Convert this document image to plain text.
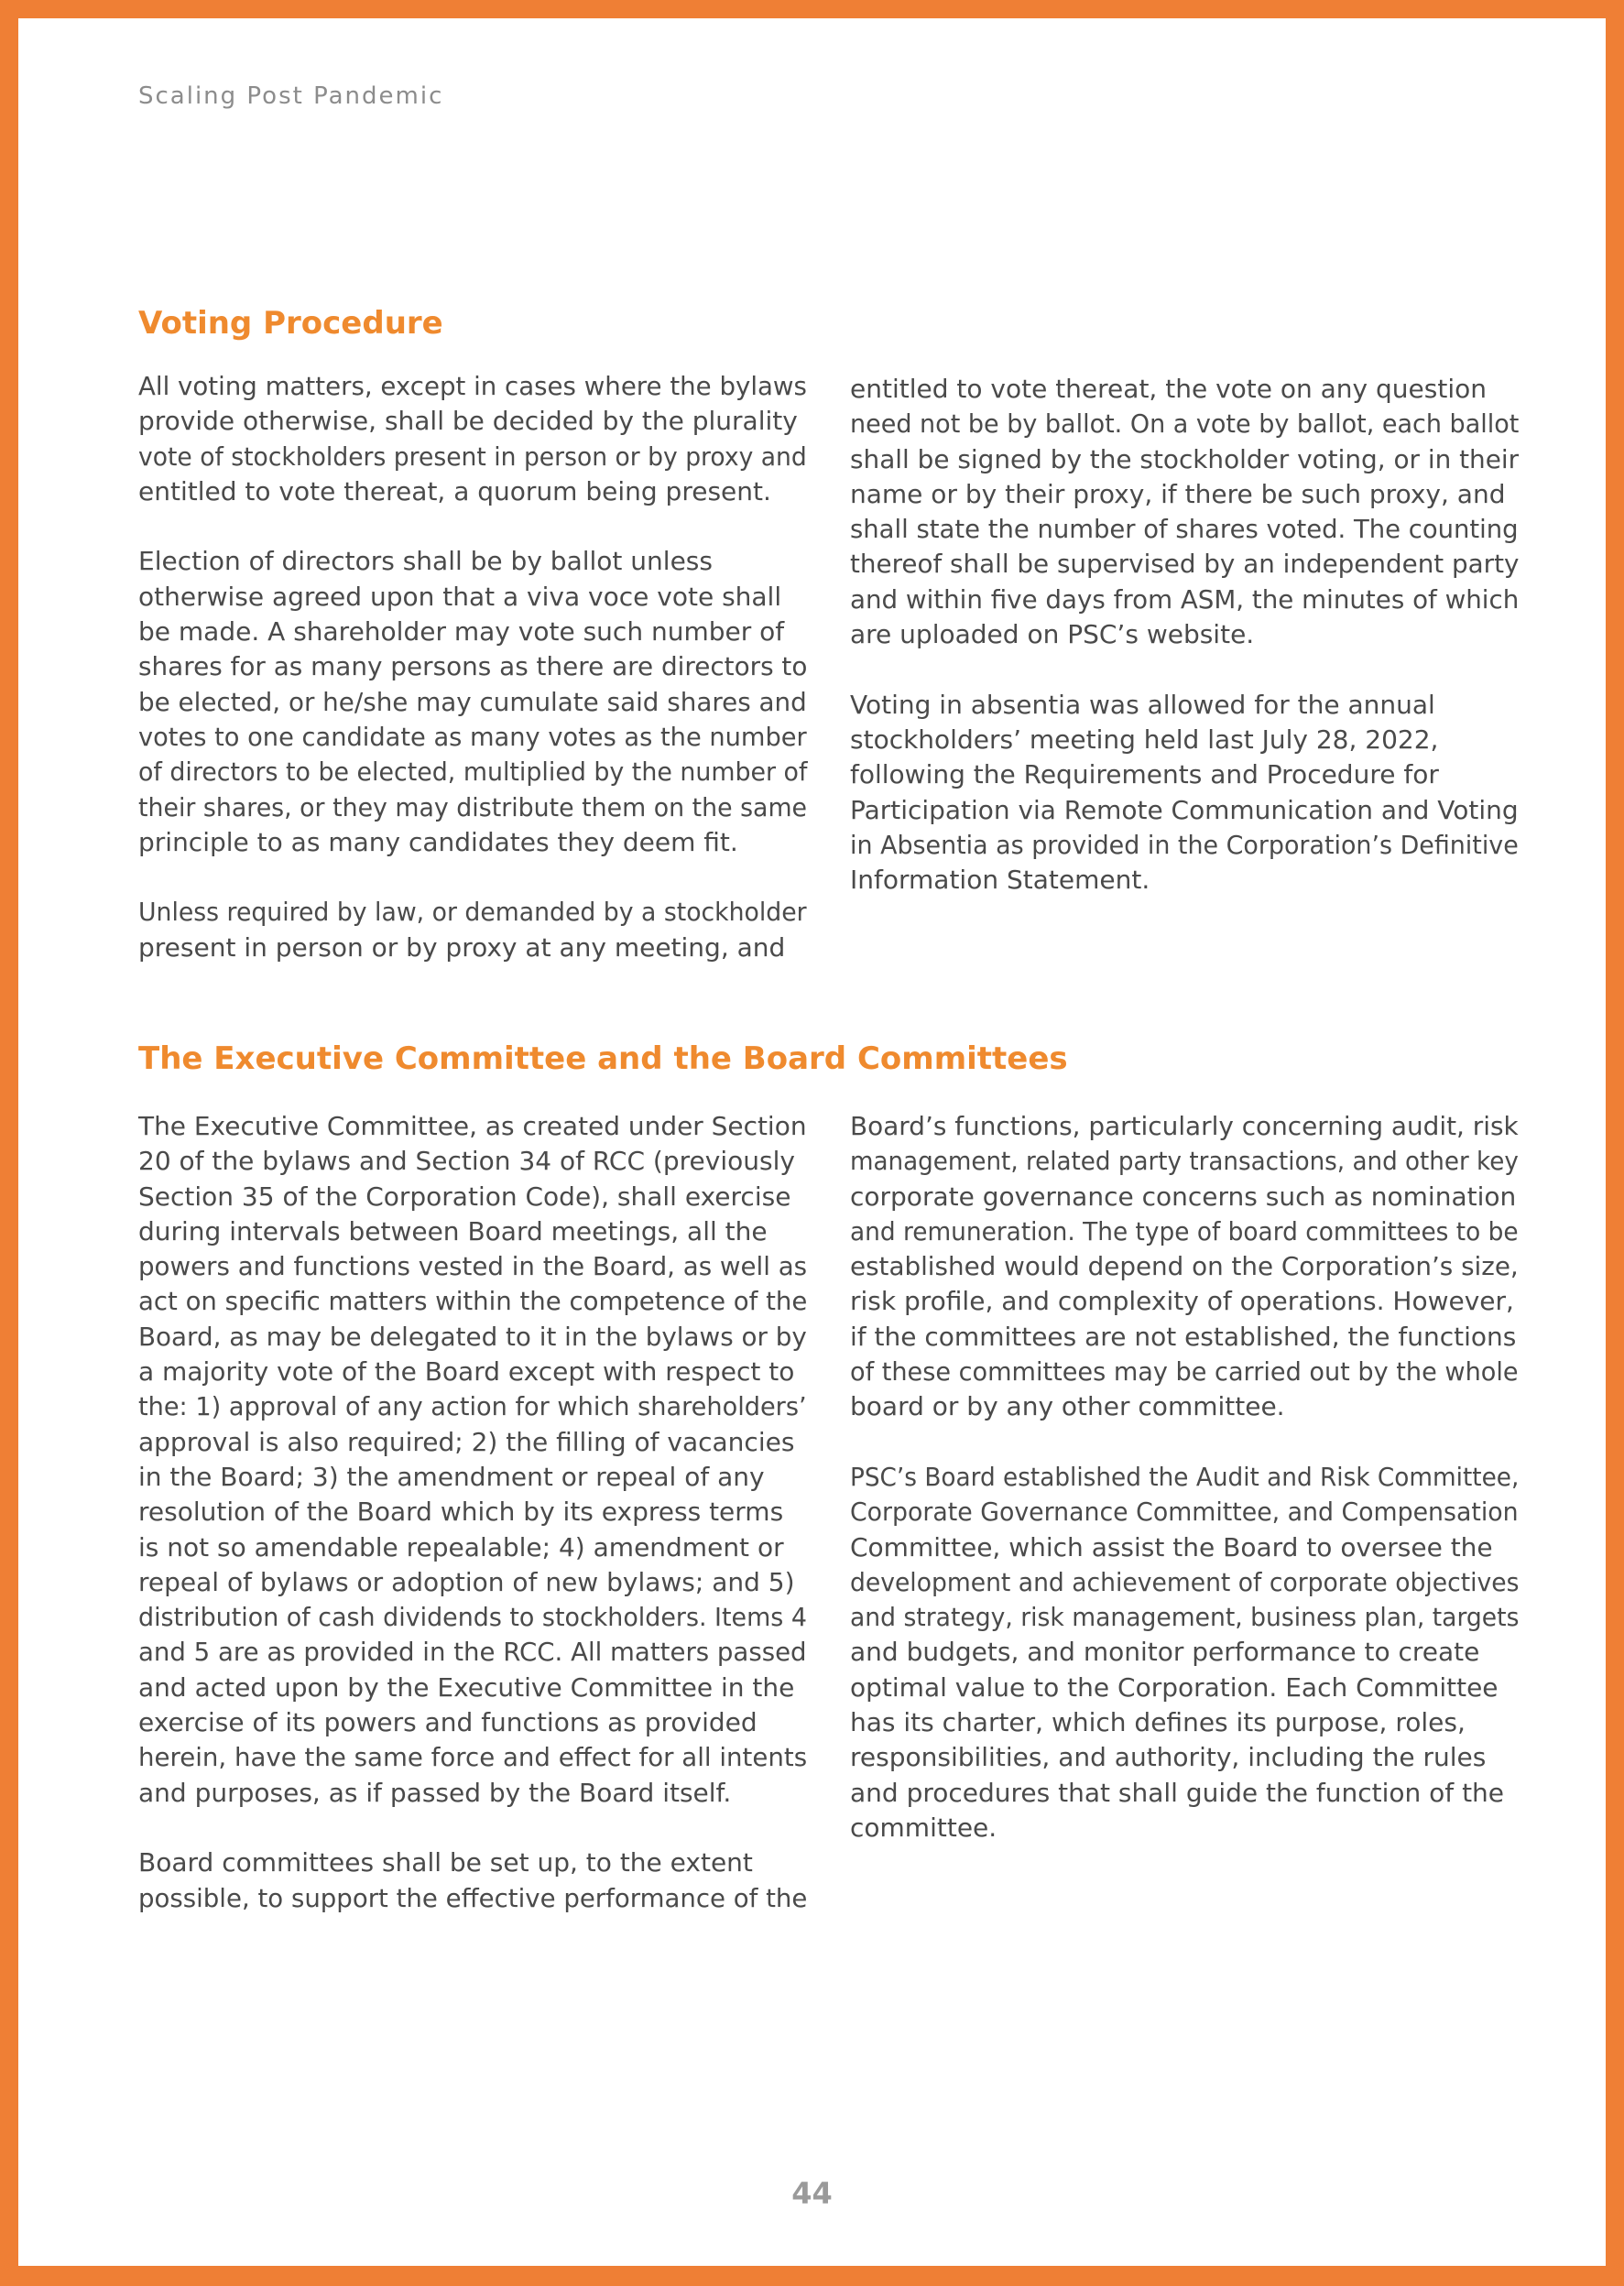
Scaling Post Pandemic
Voting Procedure

All voting matters, except in cases where the bylaws
provide otherwise, shall be decided by the plurality
vote of stockholders present in person or by proxy and
entitled to vote thereat, a quorum being present.

Election of directors shall be by ballot unless
otherwise agreed upon that a viva voce vote shall
be made. A shareholder may vote such number of
shares for as many persons as there are directors to
be elected, or he/she may cumulate said shares and
votes to one candidate as many votes as the number
of directors to be elected, multiplied by the number of
their shares, or they may distribute them on the same
principle to as many candidates they deem fit.

Unless required by law, or demanded by a stockholder
present in person or by proxy at any meeting, and

entitled to vote thereat, the vote on any question
need not be by ballot. On a vote by ballot, each ballot
shall be signed by the stockholder voting, or in their
name or by their proxy, if there be such proxy, and
shall state the number of shares voted. The counting
thereof shall be supervised by an independent party
and within five days from ASM, the minutes of which
are uploaded on PSC’s website.

Voting in absentia was allowed for the annual
stockholders’ meeting held last July 28, 2022,
following the Requirements and Procedure for
Participation via Remote Communication and Voting
in Absentia as provided in the Corporation’s Definitive
Information Statement.

The Executive Committee and the Board Committees

The Executive Committee, as created under Section
20 of the bylaws and Section 34 of RCC (previously
Section 35 of the Corporation Code), shall exercise
during intervals between Board meetings, all the
powers and functions vested in the Board, as well as
act on specific matters within the competence of the
Board, as may be delegated to it in the bylaws or by
a majority vote of the Board except with respect to
the: 1) approval of any action for which shareholders’
approval is also required; 2) the filling of vacancies
in the Board; 3) the amendment or repeal of any
resolution of the Board which by its express terms
is not so amendable repealable; 4) amendment or
repeal of bylaws or adoption of new bylaws; and 5)
distribution of cash dividends to stockholders. Items 4
and 5 are as provided in the RCC. All matters passed
and acted upon by the Executive Committee in the
exercise of its powers and functions as provided
herein, have the same force and effect for all intents
and purposes, as if passed by the Board itself.

Board committees shall be set up, to the extent
possible, to support the effective performance of the

Board’s functions, particularly concerning audit, risk
management, related party transactions, and other key
corporate governance concerns such as nomination
and remuneration. The type of board committees to be
established would depend on the Corporation’s size,
risk profile, and complexity of operations. However,
if the committees are not established, the functions
of these committees may be carried out by the whole
board or by any other committee.

PSC’s Board established the Audit and Risk Committee,
Corporate Governance Committee, and Compensation
Committee, which assist the Board to oversee the
development and achievement of corporate objectives
and strategy, risk management, business plan, targets
and budgets, and monitor performance to create
optimal value to the Corporation. Each Committee
has its charter, which defines its purpose, roles,
responsibilities, and authority, including the rules
and procedures that shall guide the function of the
committee.

44
